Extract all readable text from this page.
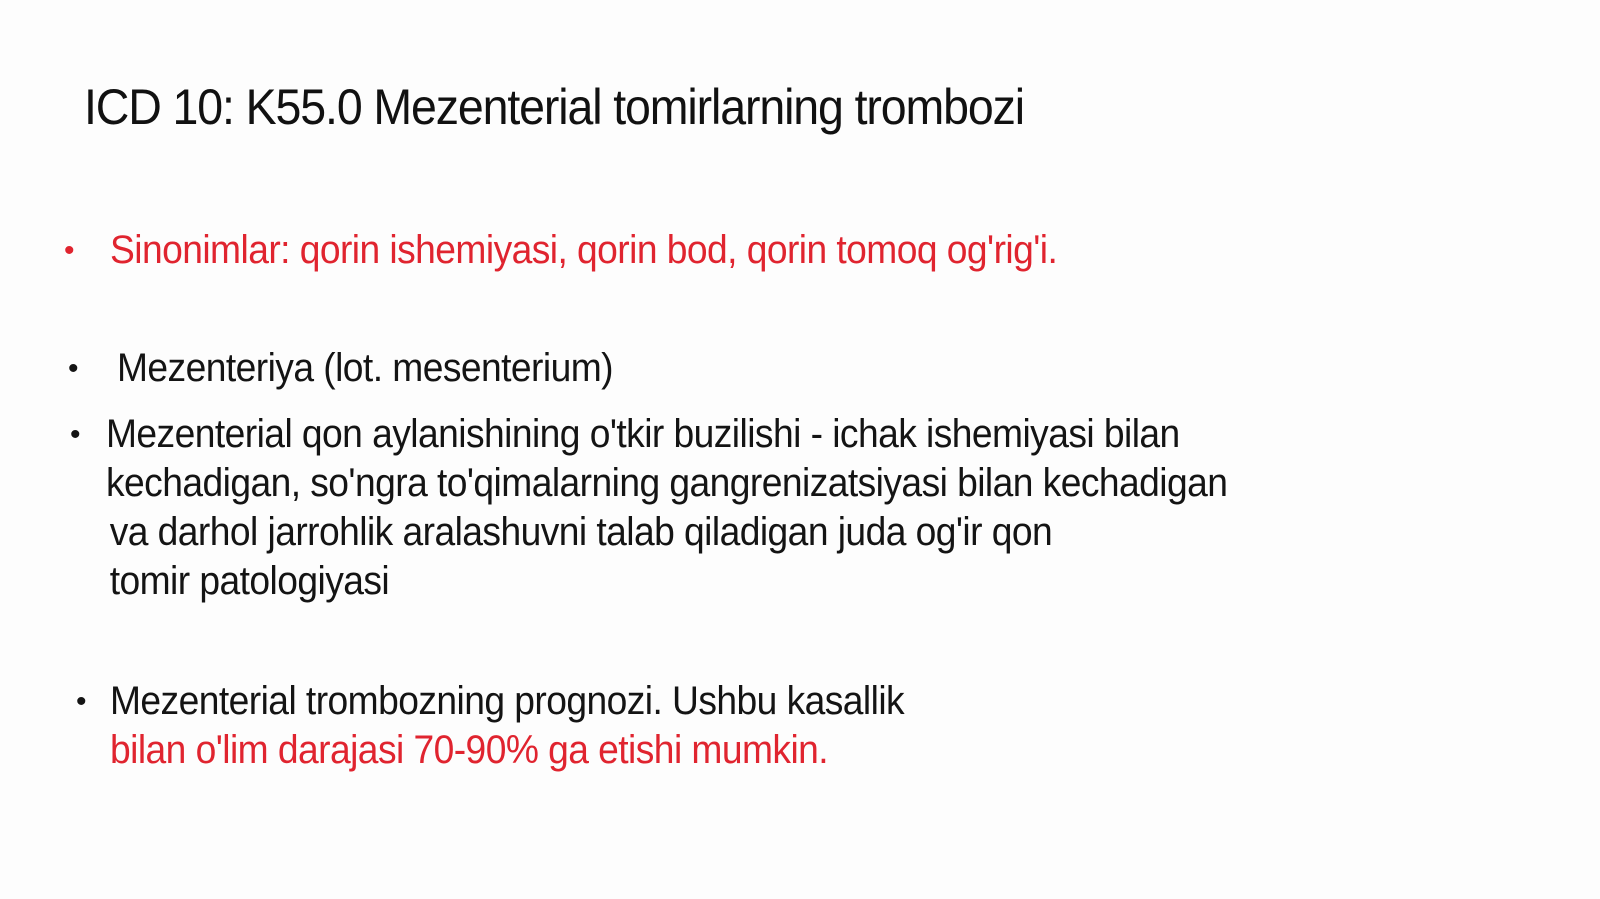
ICD 10: K55.0 Mezenterial tomirlarning trombozi
• Sinonimlar: qorin ishemiyasi, qorin bod, qorin tomoq og'rig'i.
• Mezenteriya (lot. mesenterium)
• Mezenterial qon aylanishining o'tkir buzilishi - ichak ishemiyasi bilan
kechadigan, so'ngra to'qimalarning gangrenizatsiyasi bilan kechadigan
va darhol jarrohlik aralashuvni talab qiladigan juda og'ir qon
tomir patologiyasi
• Mezenterial trombozning prognozi. Ushbu kasallik
bilan o'lim darajasi 70-90% ga etishi mumkin.
